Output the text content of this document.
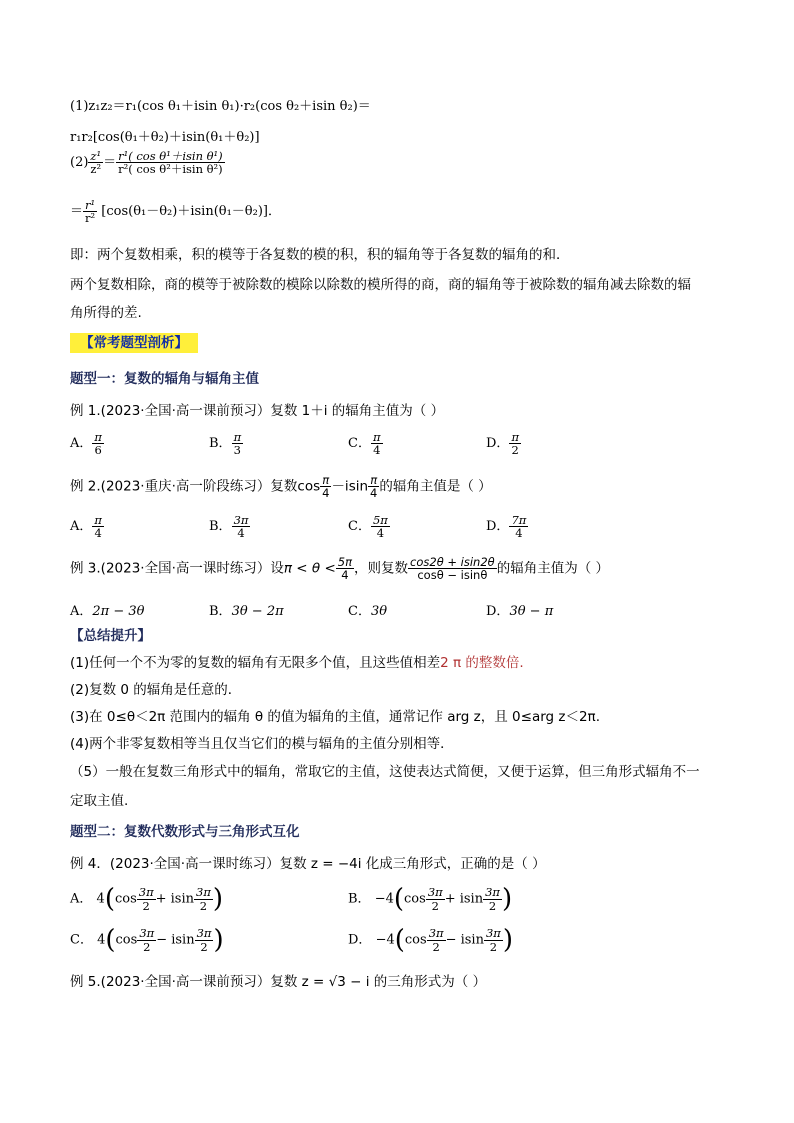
(1)z₁z₂＝r₁(cos θ₁＋isin θ₁)·r₂(cos θ₂＋isin θ₂)＝
r₁r₂[cos(θ₁＋θ₂)＋isin(θ₁＋θ₂)]
$(2) \frac{\text{z¹}}{\text{z²}} = \frac{\text{r¹( cos θ¹＋isin θ¹)}}{\text{r²( cos θ²＋isin θ²)}}$
＝ $\frac{\text{r¹}}{\text{r²}} [\cos(\theta_1-\theta_2)+isin(\theta_1-\theta_2)]$．
即：两个复数相乘，积的模等于各复数的模的积，积的辐角等于各复数的辐角的和．
两个复数相除，商的模等于被除数的模除以除数的模所得的商，商的辐角等于被除数的辐角减去除数的辐
角所得的差.
【常考题型剖析】
题型一：复数的辐角与辐角主值
例 1.(2023·全国·高一课前预习）复数 1＋i 的辐角主值为（ ）
A． $\frac{\pi}{6}$	B． $\frac{\pi}{3}$	C． $\frac{\pi}{4}$	D． $\frac{\pi}{2}$
例 2.(2023·重庆·高一阶段练习）复数$\cos \frac{\pi}{4} -isin \frac{\pi}{4}$ 的辐角主值是（ ）
A． $\frac{\pi}{4}$	B． $\frac{3\pi}{4}$	C． $\frac{5\pi}{4}$	D． $\frac{7\pi}{4}$
例 3.(2023·全国·高一课时练习）设$\pi < \theta < \frac{5\pi}{4}$ ，则复数 $\frac{\cos 2\theta + isin2\theta}{\cos\theta - isin\theta}$ 的辐角主值为（ ）
A．2π − 3θ	B．3θ − 2π	C．3θ	D．3θ − π
【总结提升】
(1)任何一个不为零的复数的辐角有无限多个值，且这些值相差2 π 的整数倍.
(2)复数 0 的辐角是任意的．
(3)在 0≤θ＜2π 范围内的辐角 θ 的值为辐角的主值，通常记作 arg z，且 0≤arg z＜2π.
(4)两个非零复数相等当且仅当它们的模与辐角的主值分别相等．
（5）一般在复数三角形式中的辐角，常取它的主值，这使表达式简便，又便于运算，但三角形式辐角不一
定取主值.
题型二：复数代数形式与三角形式互化
例 4．(2023·全国·高一课时练习）复数 z = −4i 化成三角形式，正确的是（ ）
A． $4(\cos \frac{3\pi}{2} + isin \frac{3\pi}{2}$ )	B． $-4(\cos \frac{3\pi}{2} + isin \frac{3\pi}{2}$ )
C． $4(\cos \frac{3\pi}{2} - isin \frac{3\pi}{2}$ )	D． $-4(\cos \frac{3\pi}{2} - isin \frac{3\pi}{2}$ )
例 5.(2023·全国·高一课前预习）复数 z = √3 − i 的三角形式为（ ）
